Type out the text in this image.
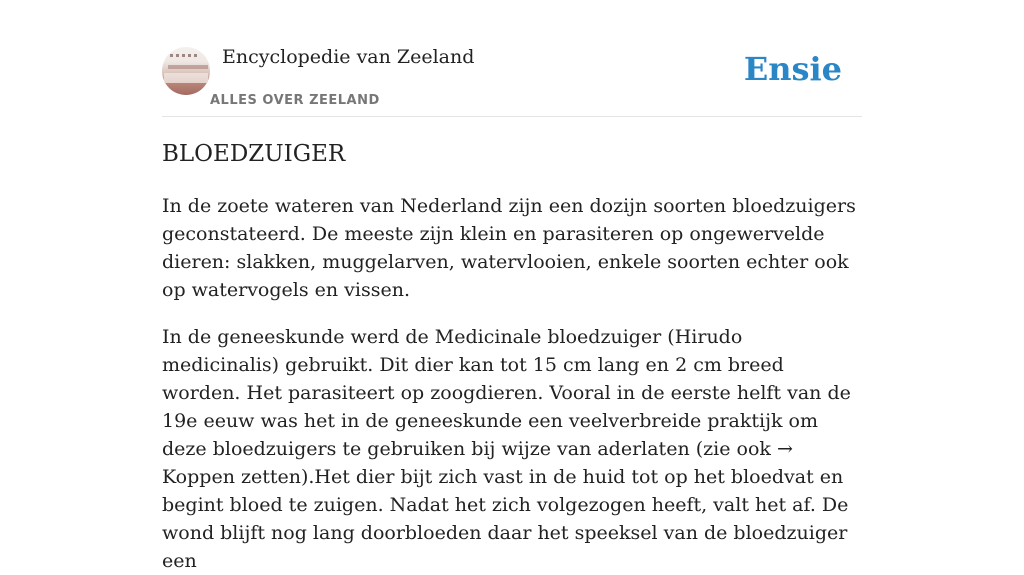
Encyclopedie van Zeeland
ALLES OVER ZEELAND
Ensie
BLOEDZUIGER

In de zoete wateren van Nederland zijn een dozijn soorten bloedzuigers geconstateerd. De meeste zijn klein en parasiteren op ongewervelde dieren: slakken, muggelarven, watervlooien, enkele soorten echter ook op watervogels en vissen.

In de geneeskunde werd de Medicinale bloedzuiger (Hirudo medicinalis) gebruikt. Dit dier kan tot 15 cm lang en 2 cm breed worden. Het parasiteert op zoogdieren. Vooral in de eerste helft van de 19e eeuw was het in de geneeskunde een veelverbreide praktijk om deze bloedzuigers te gebruiken bij wijze van aderlaten (zie ook → Koppen zetten).Het dier bijt zich vast in de huid tot op het bloedvat en begint bloed te zuigen. Nadat het zich volgezogen heeft, valt het af. De wond blijft nog lang doorbloeden daar het speeksel van de bloedzuiger een
